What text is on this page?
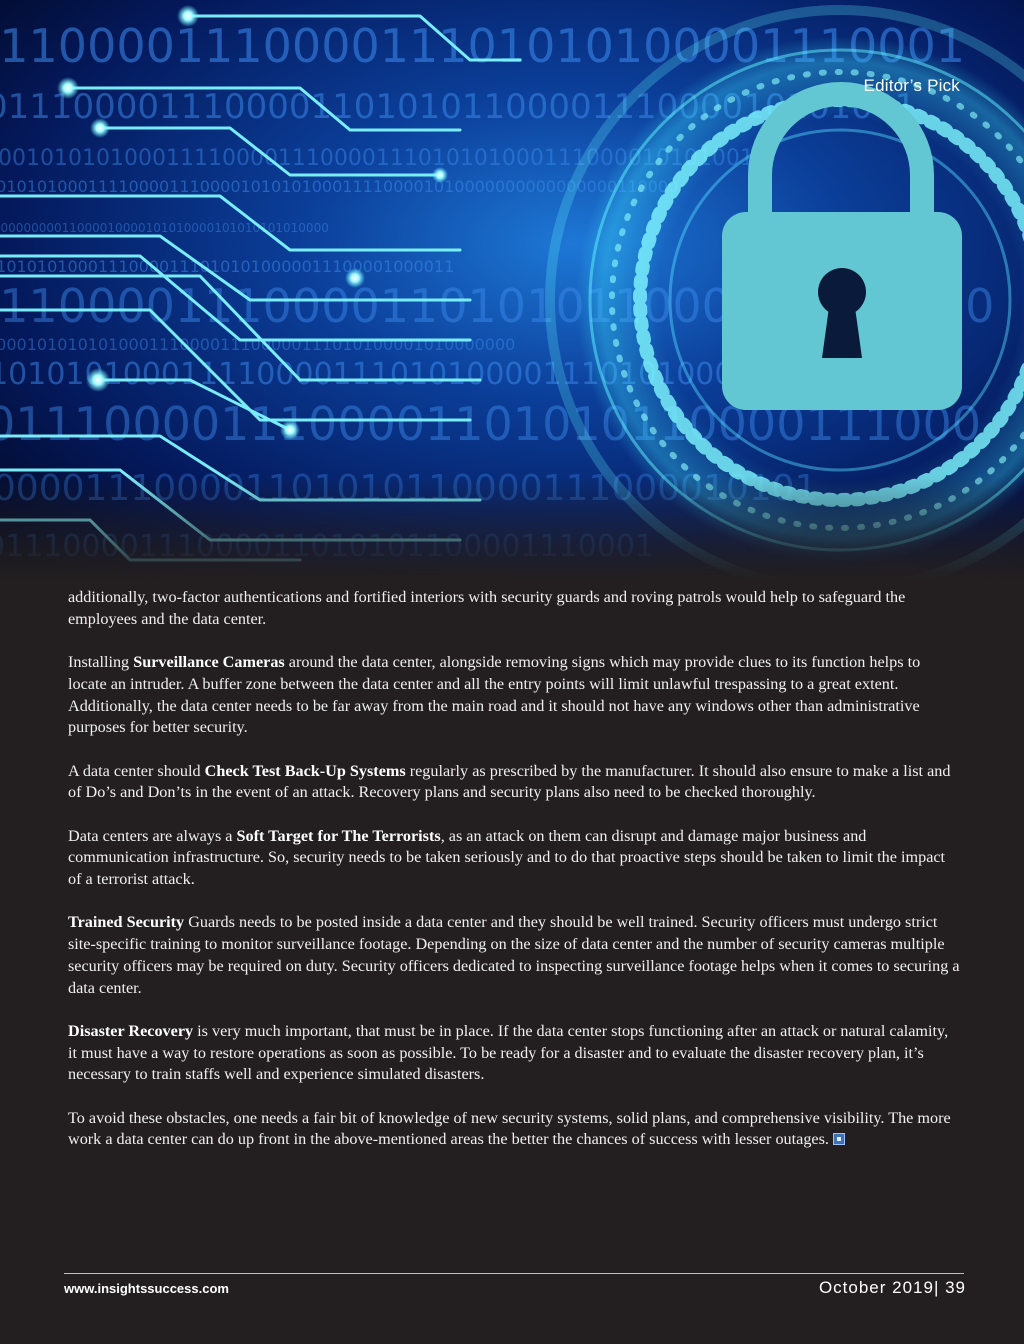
Editor’s Pick

additionally, two-factor authentications and fortified interiors with security guards and roving patrols would help to safeguard the employees and the data center.

Installing Surveillance Cameras around the data center, alongside removing signs which may provide clues to its function helps to locate an intruder. A buffer zone between the data center and all the entry points will limit unlawful trespassing to a great extent. Additionally, the data center needs to be far away from the main road and it should not have any windows other than administrative purposes for better security.

A data center should Check Test Back-Up Systems regularly as prescribed by the manufacturer. It should also ensure to make a list and of Do’s and Don’ts in the event of an attack. Recovery plans and security plans also need to be checked thoroughly.

Data centers are always a Soft Target for The Terrorists, as an attack on them can disrupt and damage major business and communication infrastructure. So, security needs to be taken seriously and to do that proactive steps should be taken to limit the impact of a terrorist attack.

Trained Security Guards needs to be posted inside a data center and they should be well trained. Security officers must undergo strict site-specific training to monitor surveillance footage. Depending on the size of data center and the number of security cameras multiple security officers may be required on duty. Security officers dedicated to inspecting surveillance footage helps when it comes to securing a data center.

Disaster Recovery is very much important, that must be in place. If the data center stops functioning after an attack or natural calamity, it must have a way to restore operations as soon as possible. To be ready for a disaster and to evaluate the disaster recovery plan, it’s necessary to train staffs well and experience simulated disasters.

To avoid these obstacles, one needs a fair bit of knowledge of new security systems, solid plans, and comprehensive visibility. The more work a data center can do up front in the above-mentioned areas the better the chances of success with lesser outages.

www.insightssuccess.com	October 2019| 39
